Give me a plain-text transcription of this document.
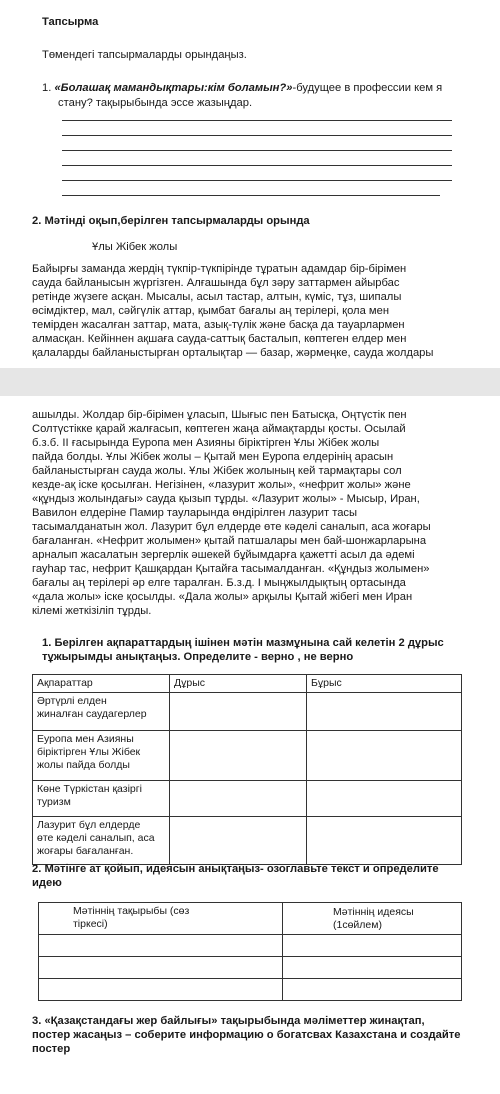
Тапсырма
Төмендегі тапсырмаларды орындаңыз.
1. «Болашақ мамандықтары:кім боламын?»-будущее в профессии кем я
стану? тақырыбында эссе жазыңдар.
2. Мәтінді оқып,берілген тапсырмаларды орында
Ұлы Жібек жолы
Байырғы заманда жердің түкпір-түкпірінде тұратын адамдар бір-бірімен
сауда байланысын жүргізген. Алғашында бұл зәру заттармен айырбас
ретінде жүзеге асқан. Мысалы, асыл тастар, алтын, күміс, тұз, шипалы
өсімдіктер, мал, сәйгүлік аттар, қымбат бағалы аң терілері, қола мен
темірден жасалған заттар, мата, азық-түлік және басқа да тауарлармен
алмасқан. Кейіннен ақшаға сауда-саттық басталып, көптеген елдер мен
қалаларды байланыстырған орталықтар — базар, жәрмеңке, сауда жолдары
ашылды. Жолдар бір-бірімен ұласып, Шығыс пен Батысқа, Оңтүстік пен
Солтүстікке қарай жалғасып, көптеген жаңа аймақтарды қосты. Осылай
б.з.б. II ғасырында Еуропа мен Азияны біріктірген Ұлы Жібек жолы
пайда болды. Ұлы Жібек жолы – Қытай мен Еуропа елдерінің арасын
байланыстырған сауда жолы. Ұлы Жібек жолының кей тармақтары сол
кезде-ақ іске қосылған. Негізінен, «лазурит жолы», «нефрит жолы» және
«құндыз жолындағы» сауда қызып тұрды. «Лазурит жолы» - Мысыр, Иран,
Вавилон елдеріне Памир тауларында өндірілген лазурит тасы
тасымалданатын жол. Лазурит бұл елдерде өте кәделі саналып, аса жоғары
бағаланған. «Нефрит жолымен» қытай патшалары мен бай-шонжарларына
арналып жасалатын зергерлік әшекей бұйымдарға қажетті асыл да әдемі
гауһар тас, нефрит Қашқардан Қытайға тасымалданған. «Құндыз жолымен»
бағалы аң терілері әр елге таралған. Б.з.д. І мыңжылдықтың ортасында
«дала жолы» іске қосылды. «Дала жолы» арқылы Қытай жібегі мен Иран
кілемі жеткізіліп тұрды.
1. Берілген ақпараттардың ішінен мәтін мазмұнына сай келетін 2 дұрыс
тұжырымды анықтаңыз. Определите - верно , не верно
Ақпараттар	Дұрыс	Бұрыс

Әртүрлі елден
жиналған саудагерлер		

Еуропа мен Азияны
біріктірген Ұлы Жібек
жолы пайда болды		

Көне Түркістан қазіргі
туризм		

Лазурит бұл елдерде
өте кәделі саналып, аса
жоғары бағаланған.		

2. Мәтінге ат қойып, идеясын анықтаңыз- озоглавьте текст и определите
идею
Мәтіннің тақырыбы (сөз
тіркесі)	Мәтіннің идеясы (1сөйлем)

3. «Қазақстандағы жер байлығы» тақырыбында мәліметтер жинақтап,
постер жасаңыз – соберите информацию о богатсвах Казахстана и создайте
постер
